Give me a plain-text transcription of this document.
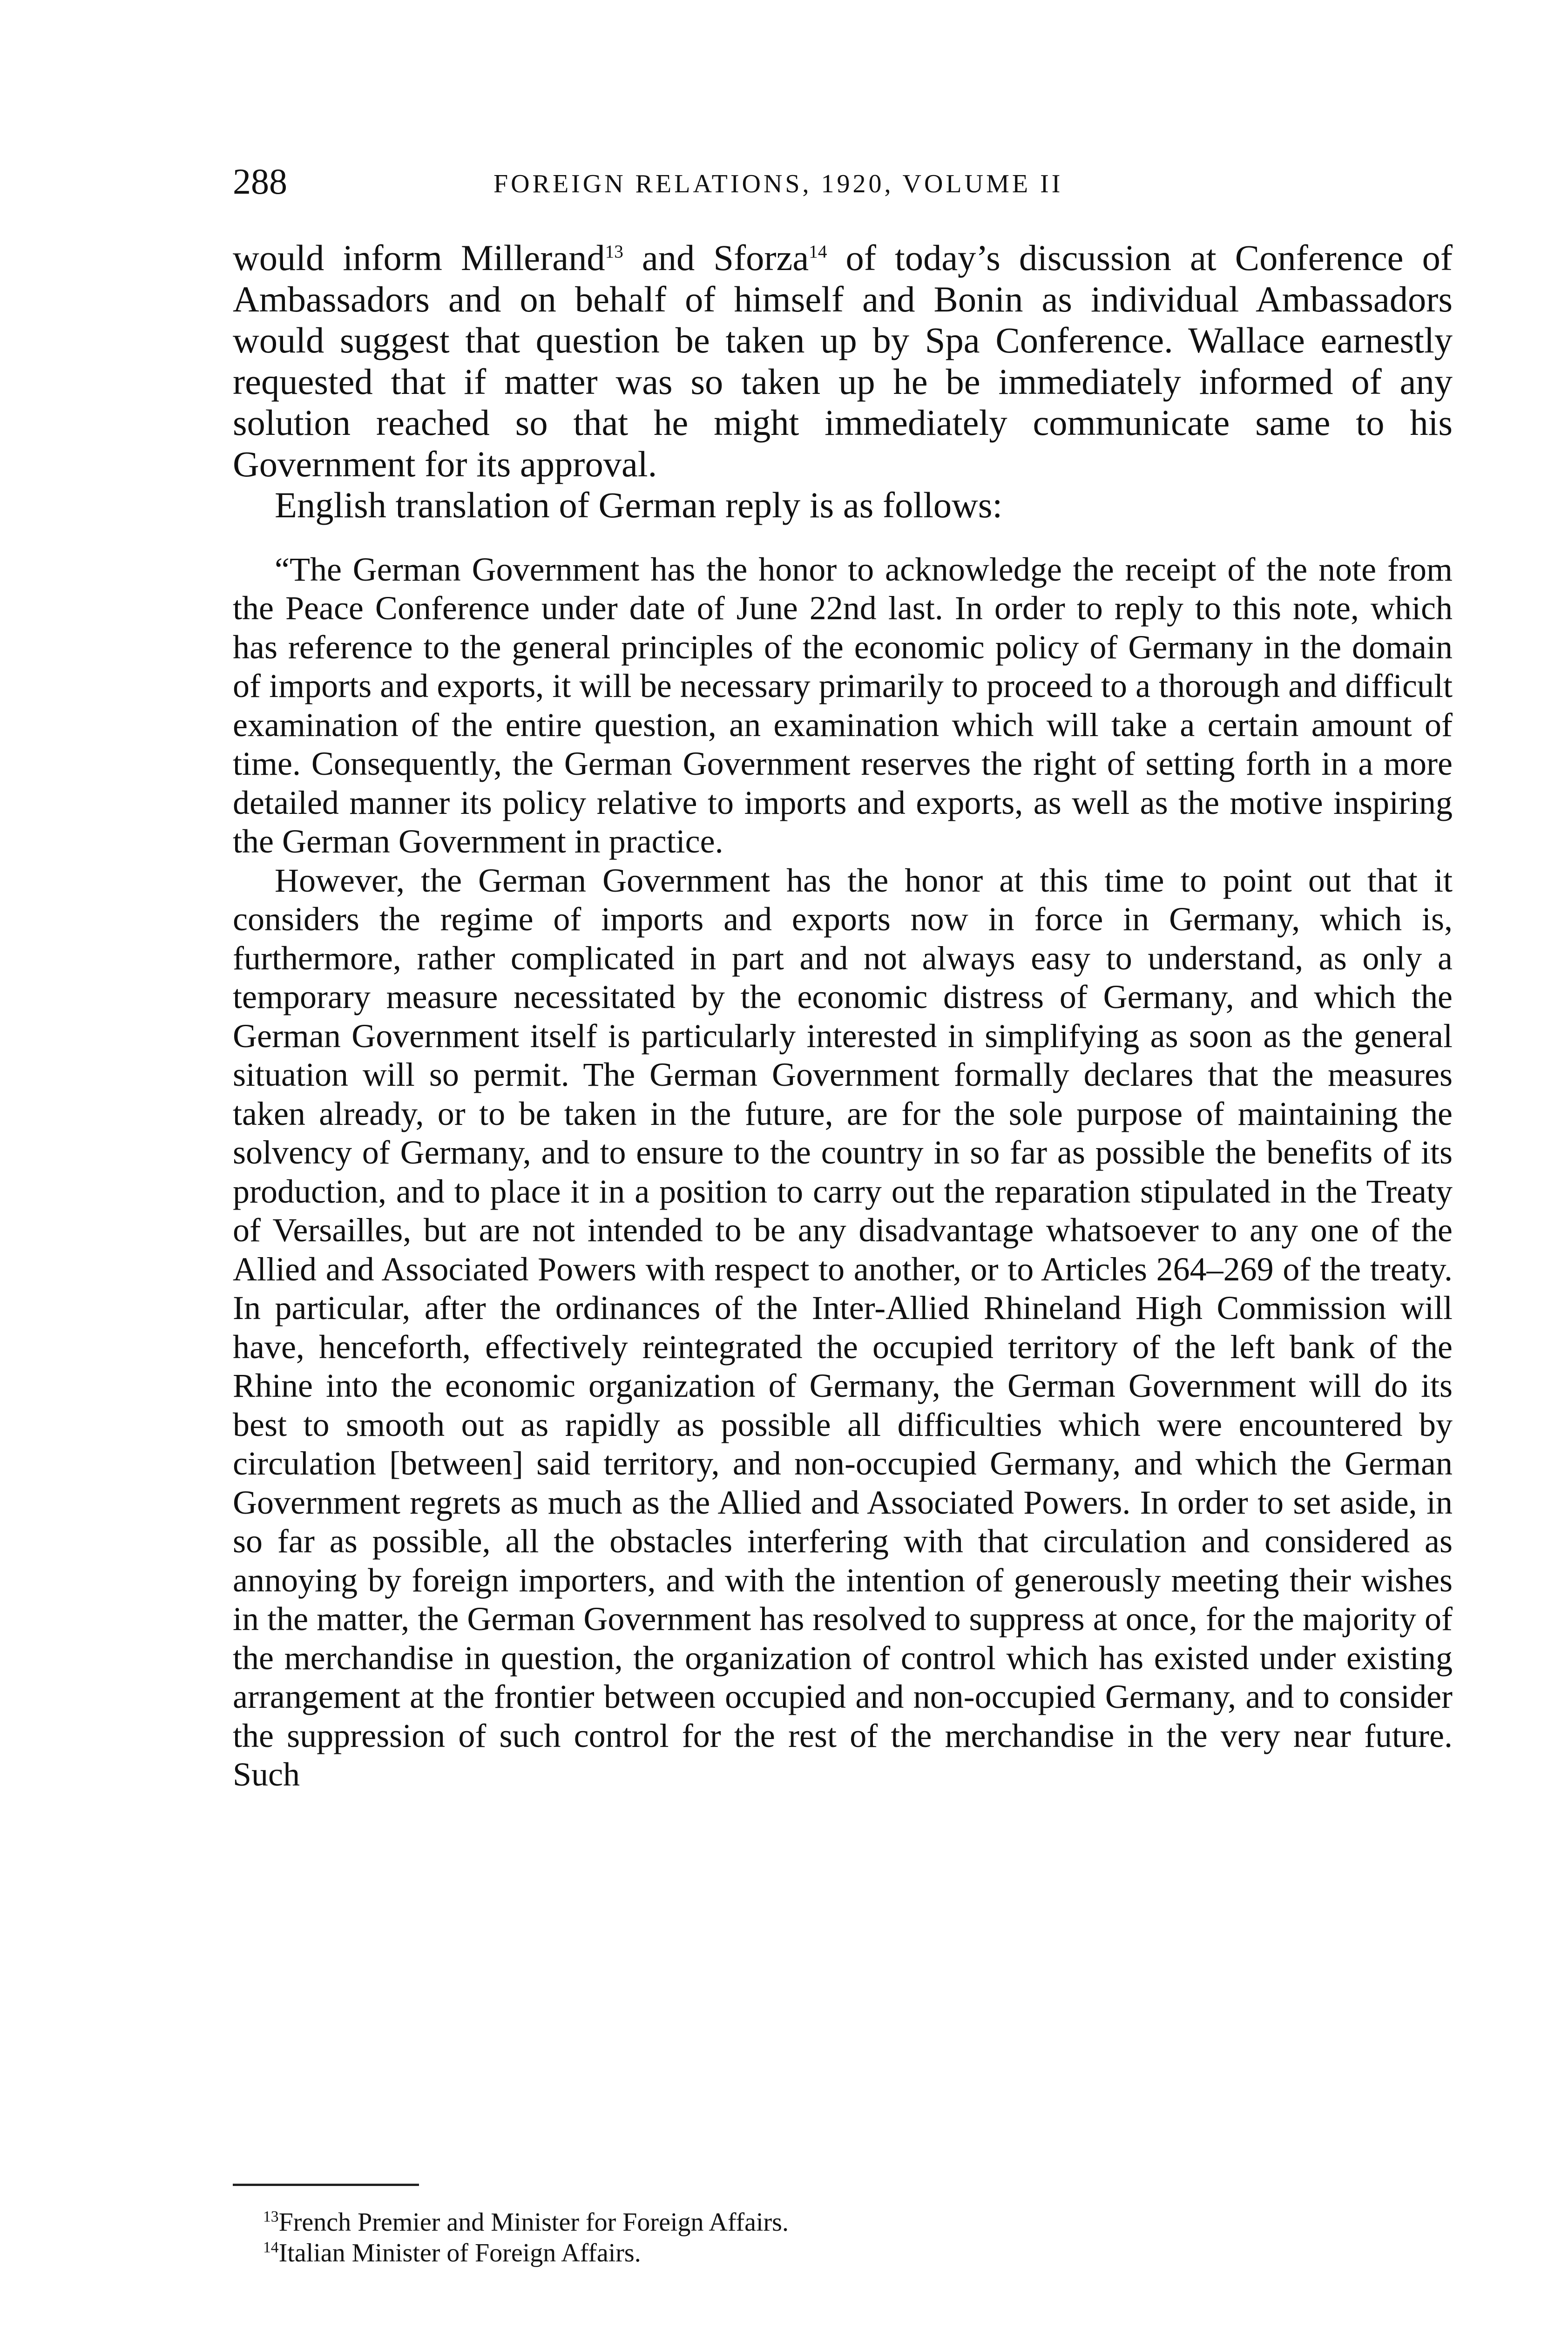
288	FOREIGN RELATIONS, 1920, VOLUME II

would inform Millerand$^{13}$ and Sforza$^{14}$ of today’s discussion at Conference of Ambassadors and on behalf of himself and Bonin as individual Ambassadors would suggest that question be taken up by Spa Conference. Wallace earnestly requested that if matter was so taken up he be immediately informed of any solution reached so that he might immediately communicate same to his Government for its approval.

English translation of German reply is as follows:

“The German Government has the honor to acknowledge the receipt of the note from the Peace Conference under date of June 22nd last. In order to reply to this note, which has reference to the general principles of the economic policy of Germany in the domain of imports and exports, it will be necessary primarily to proceed to a thorough and difficult examination of the entire question, an examination which will take a certain amount of time. Consequently, the German Government reserves the right of setting forth in a more detailed manner its policy relative to imports and exports, as well as the motive inspiring the German Government in practice.

However, the German Government has the honor at this time to point out that it considers the regime of imports and exports now in force in Germany, which is, furthermore, rather complicated in part and not always easy to understand, as only a temporary measure necessitated by the economic distress of Germany, and which the German Government itself is particularly interested in simplifying as soon as the general situation will so permit. The German Government formally declares that the measures taken already, or to be taken in the future, are for the sole purpose of maintaining the solvency of Germany, and to ensure to the country in so far as possible the benefits of its production, and to place it in a position to carry out the reparation stipulated in the Treaty of Versailles, but are not intended to be any disadvantage whatsoever to any one of the Allied and Associated Powers with respect to another, or to Articles 264–269 of the treaty. In particular, after the ordinances of the Inter-Allied Rhineland High Commission will have, henceforth, effectively reintegrated the occupied territory of the left bank of the Rhine into the economic organization of Germany, the German Government will do its best to smooth out as rapidly as possible all difficulties which were encountered by circulation [between] said territory, and non-occupied Germany, and which the German Government regrets as much as the Allied and Associated Powers. In order to set aside, in so far as possible, all the obstacles interfering with that circulation and considered as annoying by foreign importers, and with the intention of generously meeting their wishes in the matter, the German Government has resolved to suppress at once, for the majority of the merchandise in question, the organization of control which has existed under existing arrangement at the frontier between occupied and non-occupied Germany, and to consider the suppression of such control for the rest of the merchandise in the very near future. Such

$^{13}$French Premier and Minister for Foreign Affairs.

$^{14}$Italian Minister of Foreign Affairs.
